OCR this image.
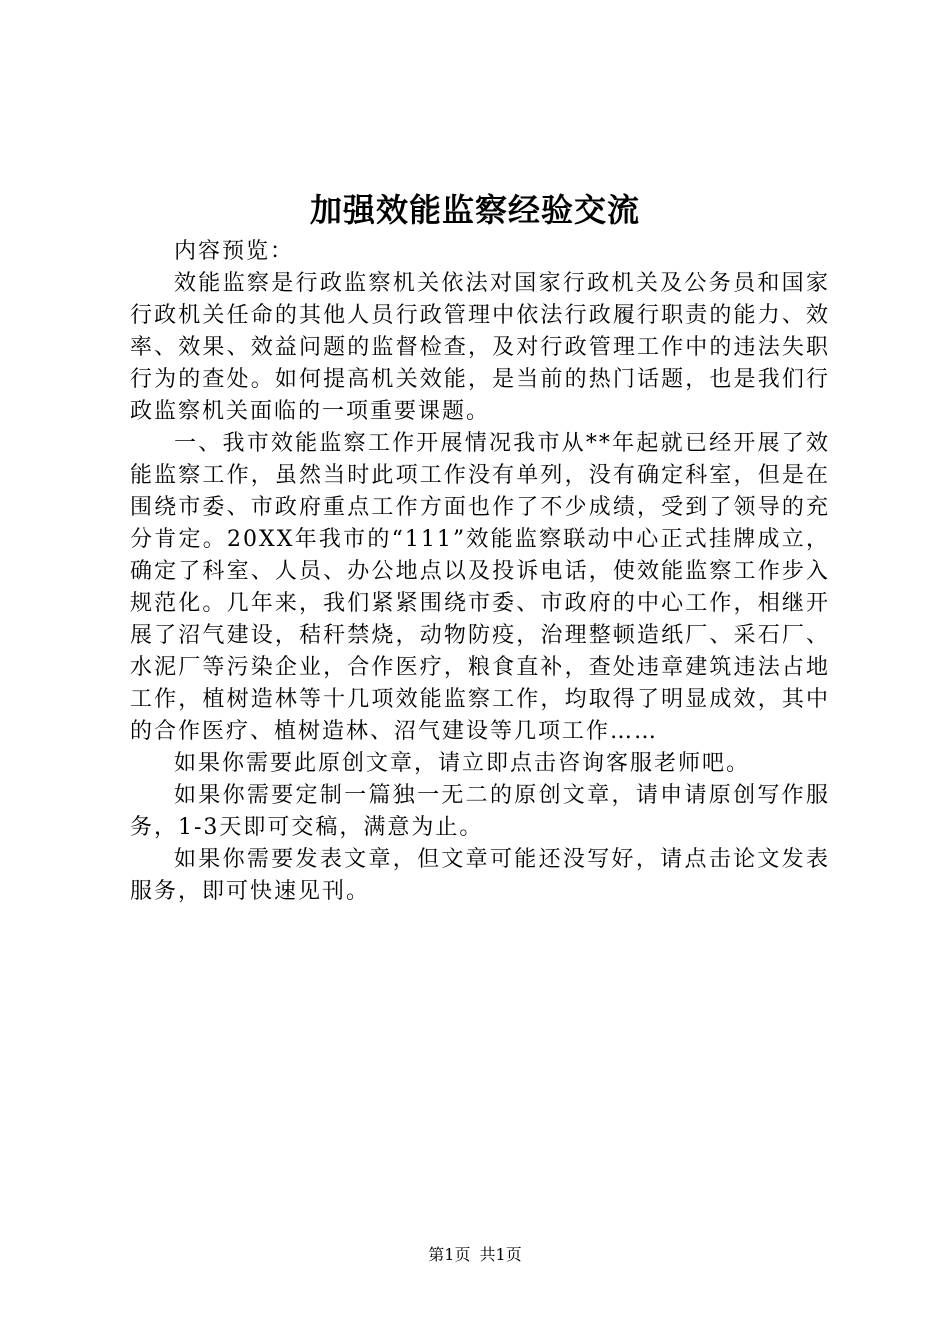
加强效能监察经验交流

内容预览：

效能监察是行政监察机关依法对国家行政机关及公务员和国家行政机关任命的其他人员行政管理中依法行政履行职责的能力、效率、效果、效益问题的监督检查，及对行政管理工作中的违法失职行为的查处。如何提高机关效能，是当前的热门话题，也是我们行政监察机关面临的一项重要课题。

一、我市效能监察工作开展情况我市从**年起就已经开展了效能监察工作，虽然当时此项工作没有单列，没有确定科室，但是在围绕市委、市政府重点工作方面也作了不少成绩，受到了领导的充分肯定。20XX年我市的“111”效能监察联动中心正式挂牌成立，确定了科室、人员、办公地点以及投诉电话，使效能监察工作步入规范化。几年来，我们紧紧围绕市委、市政府的中心工作，相继开展了沼气建设，秸秆禁烧，动物防疫，治理整顿造纸厂、采石厂、水泥厂等污染企业，合作医疗，粮食直补，查处违章建筑违法占地工作，植树造林等十几项效能监察工作，均取得了明显成效，其中的合作医疗、植树造林、沼气建设等几项工作……

如果你需要此原创文章，请立即点击咨询客服老师吧。

如果你需要定制一篇独一无二的原创文章，请申请原创写作服务，1-3天即可交稿，满意为止。

如果你需要发表文章，但文章可能还没写好，请点击论文发表服务，即可快速见刊。

第1页 共1页
